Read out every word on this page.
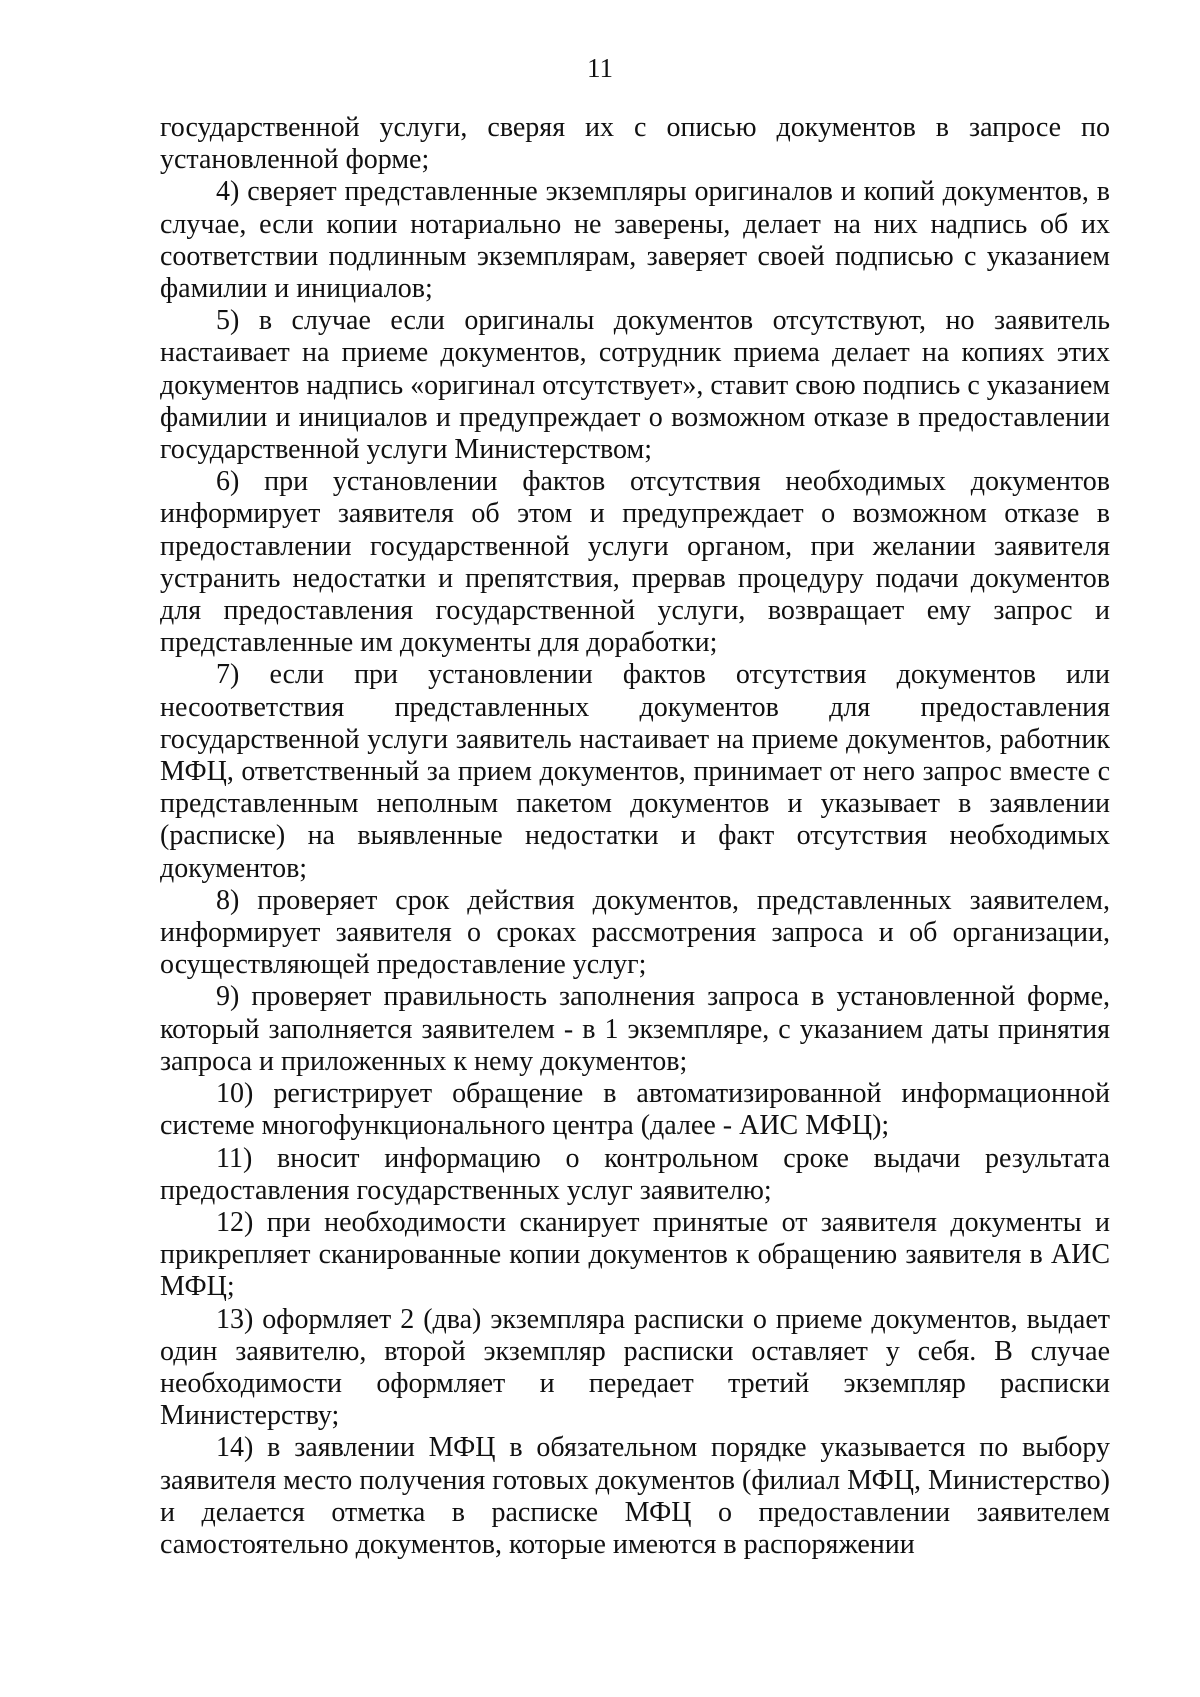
11

государственной услуги, сверяя их с описью документов в запросе по установленной форме;

4) сверяет представленные экземпляры оригиналов и копий документов, в случае, если копии нотариально не заверены, делает на них надпись об их соответствии подлинным экземплярам, заверяет своей подписью с указанием фамилии и инициалов;

5) в случае если оригиналы документов отсутствуют, но заявитель настаивает на приеме документов, сотрудник приема делает на копиях этих документов надпись «оригинал отсутствует», ставит свою подпись с указанием фамилии и инициалов и предупреждает о возможном отказе в предоставлении государственной услуги Министерством;

6) при установлении фактов отсутствия необходимых документов информирует заявителя об этом и предупреждает о возможном отказе в предоставлении государственной услуги органом, при желании заявителя устранить недостатки и препятствия, прервав процедуру подачи документов для предоставления государственной услуги, возвращает ему запрос и представленные им документы для доработки;

7) если при установлении фактов отсутствия документов или несоответствия представленных документов для предоставления государственной услуги заявитель настаивает на приеме документов, работник МФЦ, ответственный за прием документов, принимает от него запрос вместе с представленным неполным пакетом документов и указывает в заявлении (расписке) на выявленные недостатки и факт отсутствия необходимых документов;

8) проверяет срок действия документов, представленных заявителем, информирует заявителя о сроках рассмотрения запроса и об организации, осуществляющей предоставление услуг;

9) проверяет правильность заполнения запроса в установленной форме, который заполняется заявителем - в 1 экземпляре, с указанием даты принятия запроса и приложенных к нему документов;

10) регистрирует обращение в автоматизированной информационной системе многофункционального центра (далее - АИС МФЦ);

11) вносит информацию о контрольном сроке выдачи результата предоставления государственных услуг заявителю;

12) при необходимости сканирует принятые от заявителя документы и прикрепляет сканированные копии документов к обращению заявителя в АИС МФЦ;

13) оформляет 2 (два) экземпляра расписки о приеме документов, выдает один заявителю, второй экземпляр расписки оставляет у себя. В случае необходимости оформляет и передает третий экземпляр расписки Министерству;

14) в заявлении МФЦ в обязательном порядке указывается по выбору заявителя место получения готовых документов (филиал МФЦ, Министерство) и делается отметка в расписке МФЦ о предоставлении заявителем самостоятельно документов, которые имеются в распоряжении
